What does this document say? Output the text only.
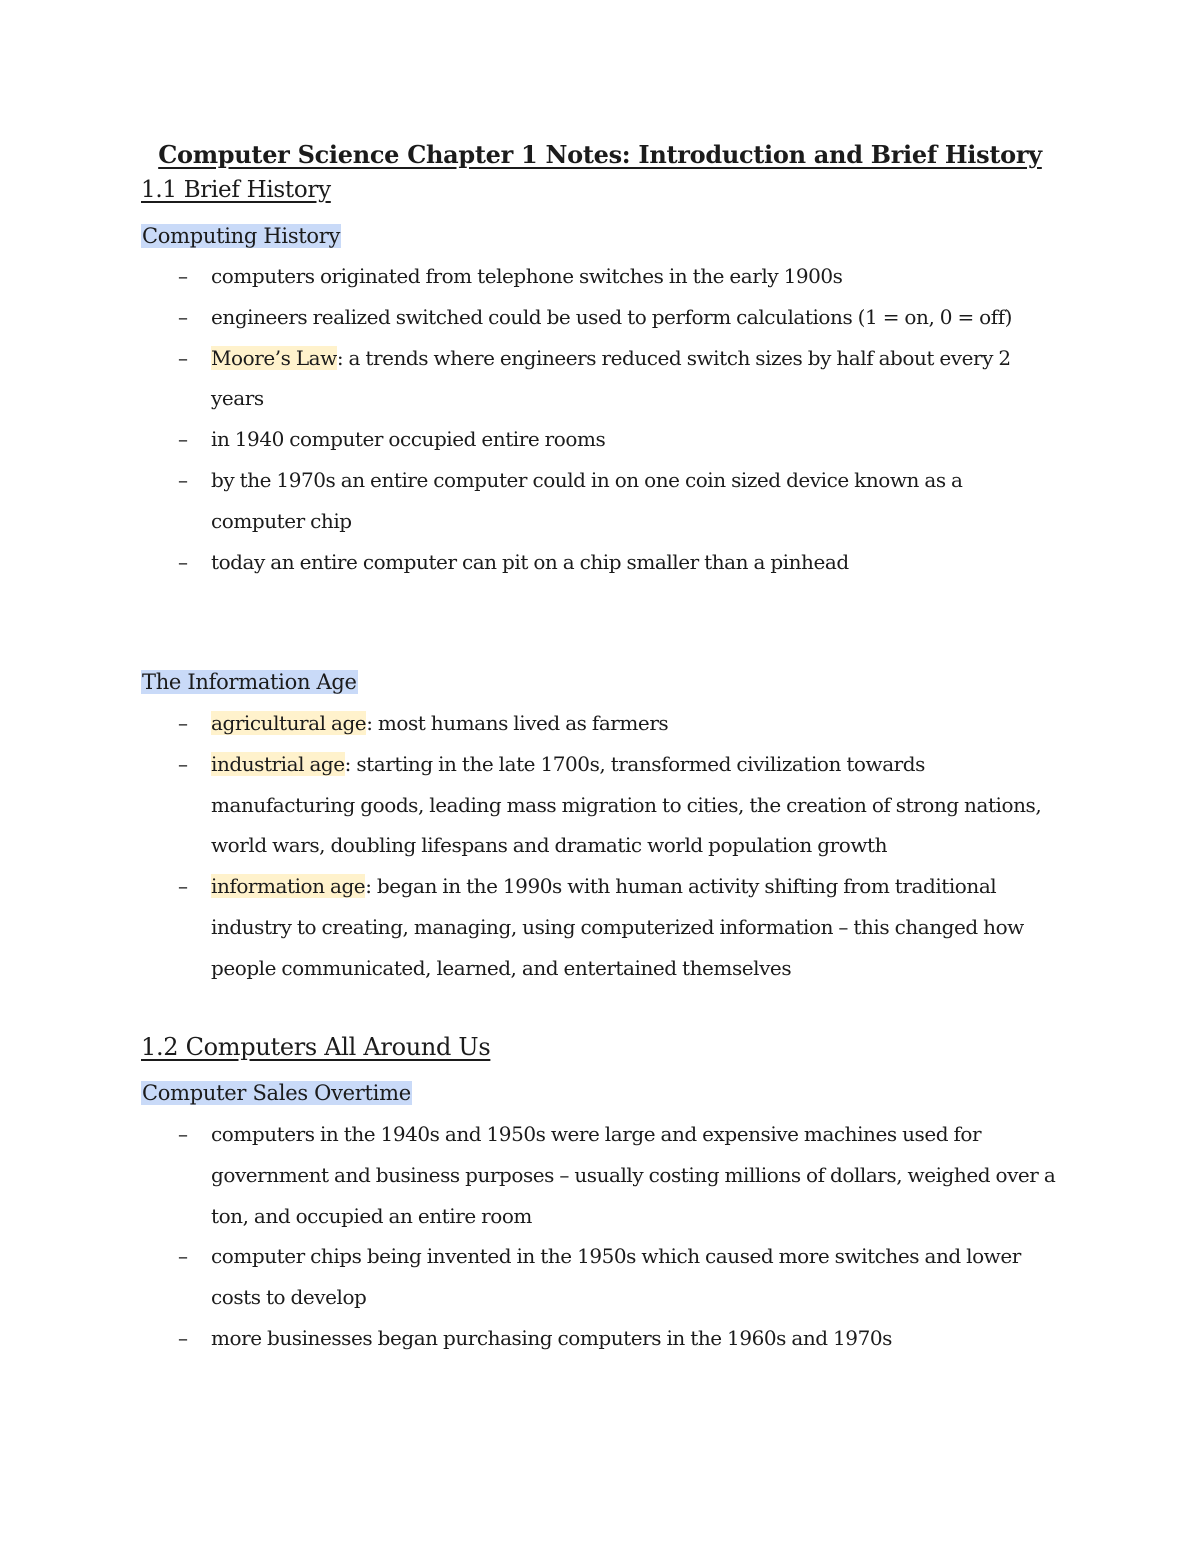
Computer Science Chapter 1 Notes: Introduction and Brief History
1.1 Brief History
Computing History
– computers originated from telephone switches in the early 1900s
– engineers realized switched could be used to perform calculations (1 = on, 0 = off)
– Moore’s Law: a trends where engineers reduced switch sizes by half about every 2 years
– in 1940 computer occupied entire rooms
– by the 1970s an entire computer could in on one coin sized device known as a computer chip
– today an entire computer can pit on a chip smaller than a pinhead
The Information Age
– agricultural age: most humans lived as farmers
– industrial age: starting in the late 1700s, transformed civilization towards manufacturing goods, leading mass migration to cities, the creation of strong nations, world wars, doubling lifespans and dramatic world population growth
– information age: began in the 1990s with human activity shifting from traditional industry to creating, managing, using computerized information – this changed how people communicated, learned, and entertained themselves
1.2 Computers All Around Us
Computer Sales Overtime
– computers in the 1940s and 1950s were large and expensive machines used for government and business purposes – usually costing millions of dollars, weighed over a ton, and occupied an entire room
– computer chips being invented in the 1950s which caused more switches and lower costs to develop
– more businesses began purchasing computers in the 1960s and 1970s
